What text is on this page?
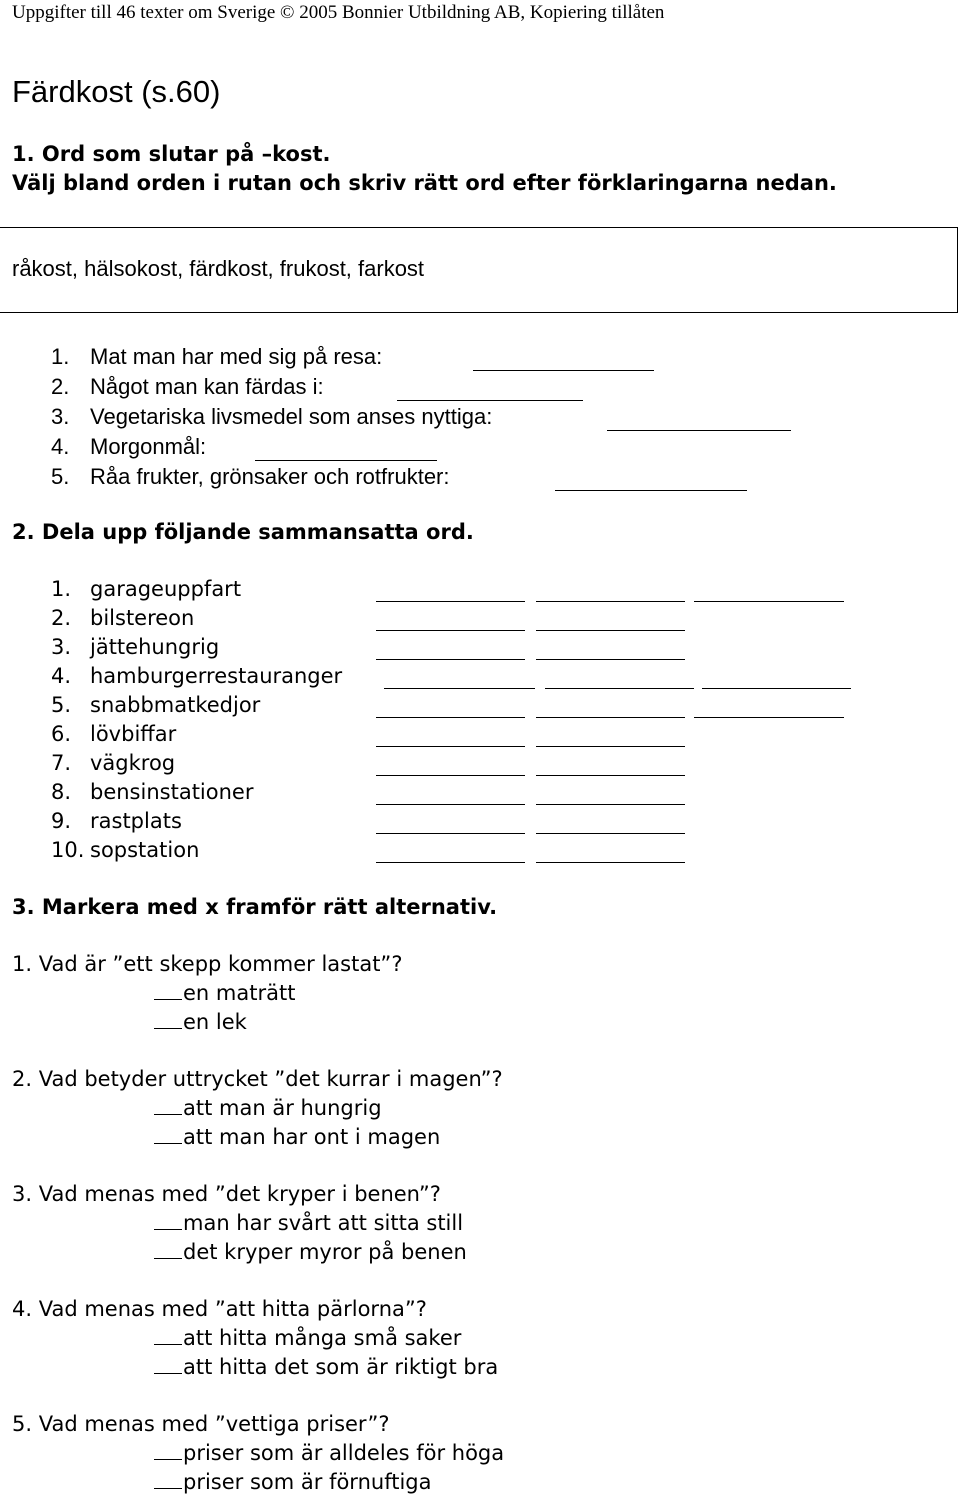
Uppgifter till 46 texter om Sverige © 2005 Bonnier Utbildning AB, Kopiering tillåten
Färdkost (s.60)
1. Ord som slutar på –kost.
Välj bland orden i rutan och skriv rätt ord efter förklaringarna nedan.
råkost, hälsokost, färdkost, frukost, farkost
1. Mat man har med sig på resa:
2. Något man kan färdas i:
3. Vegetariska livsmedel som anses nyttiga:
4. Morgonmål:
5. Råa frukter, grönsaker och rotfrukter:
2. Dela upp följande sammansatta ord.
1. garageuppfart
2. bilstereon
3. jättehungrig
4. hamburgerrestauranger
5. snabbmatkedjor
6. lövbiffar
7. vägkrog
8. bensinstationer
9. rastplats
10. sopstation
3. Markera med x framför rätt alternativ.
1. Vad är ”ett skepp kommer lastat”?
en maträtt
en lek
2. Vad betyder uttrycket ”det kurrar i magen”?
att man är hungrig
att man har ont i magen
3. Vad menas med ”det kryper i benen”?
man har svårt att sitta still
det kryper myror på benen
4. Vad menas med ”att hitta pärlorna”?
att hitta många små saker
att hitta det som är riktigt bra
5. Vad menas med ”vettiga priser”?
priser som är alldeles för höga
priser som är förnuftiga
